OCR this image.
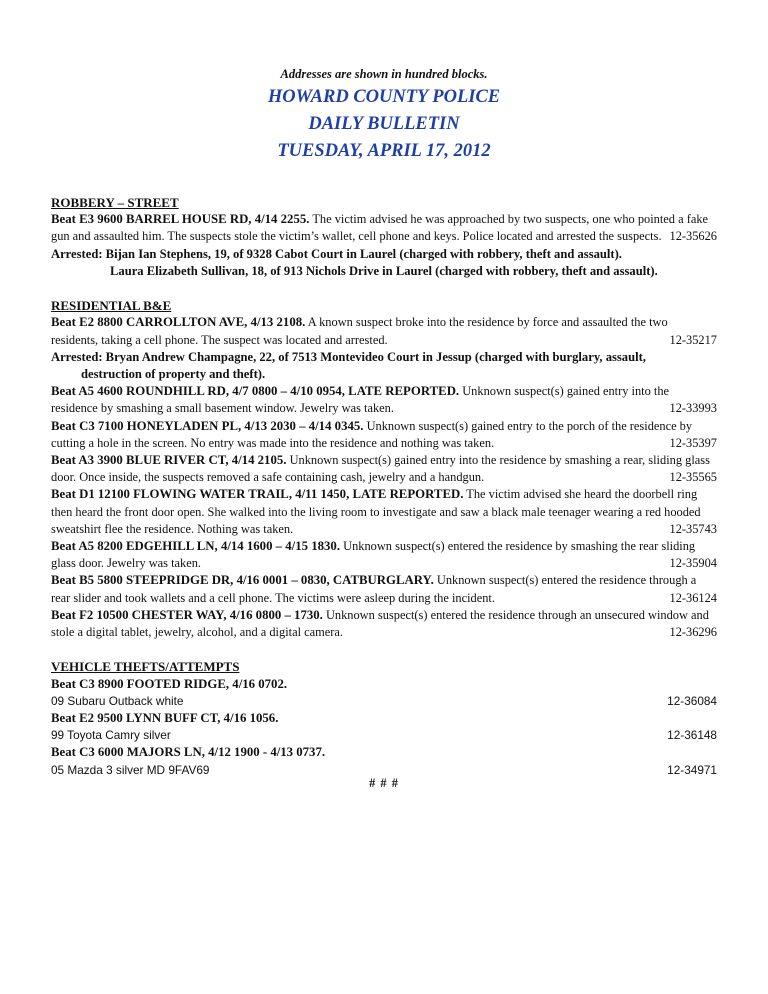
Addresses are shown in hundred blocks.
HOWARD COUNTY POLICE
DAILY BULLETIN
TUESDAY, APRIL 17, 2012
ROBBERY – STREET
Beat E3 9600 BARREL HOUSE RD, 4/14 2255. The victim advised he was approached by two suspects, one who pointed a fake gun and assaulted him. The suspects stole the victim’s wallet, cell phone and keys. Police located and arrested the suspects. 12-35626
Arrested: Bijan Ian Stephens, 19, of 9328 Cabot Court in Laurel (charged with robbery, theft and assault).
Laura Elizabeth Sullivan, 18, of 913 Nichols Drive in Laurel (charged with robbery, theft and assault).
RESIDENTIAL B&E
Beat E2 8800 CARROLLTON AVE, 4/13 2108. A known suspect broke into the residence by force and assaulted the two residents, taking a cell phone. The suspect was located and arrested.	12-35217
Arrested: Bryan Andrew Champagne, 22, of 7513 Montevideo Court in Jessup (charged with burglary, assault,
destruction of property and theft).
Beat A5 4600 ROUNDHILL RD, 4/7 0800 – 4/10 0954, LATE REPORTED. Unknown suspect(s) gained entry into the residence by smashing a small basement window. Jewelry was taken.	12-33993
Beat C3 7100 HONEYLADEN PL, 4/13 2030 – 4/14 0345. Unknown suspect(s) gained entry to the porch of the residence by cutting a hole in the screen. No entry was made into the residence and nothing was taken.	12-35397
Beat A3 3900 BLUE RIVER CT, 4/14 2105. Unknown suspect(s) gained entry into the residence by smashing a rear, sliding glass door. Once inside, the suspects removed a safe containing cash, jewelry and a handgun.	12-35565
Beat D1 12100 FLOWING WATER TRAIL, 4/11 1450, LATE REPORTED. The victim advised she heard the doorbell ring then heard the front door open. She walked into the living room to investigate and saw a black male teenager wearing a red hooded sweatshirt flee the residence. Nothing was taken.	12-35743
Beat A5 8200 EDGEHILL LN, 4/14 1600 – 4/15 1830. Unknown suspect(s) entered the residence by smashing the rear sliding glass door. Jewelry was taken.	12-35904
Beat B5 5800 STEEPRIDGE DR, 4/16 0001 – 0830, CATBURGLARY. Unknown suspect(s) entered the residence through a rear slider and took wallets and a cell phone. The victims were asleep during the incident.	12-36124
Beat F2 10500 CHESTER WAY, 4/16 0800 – 1730. Unknown suspect(s) entered the residence through an unsecured window and stole a digital tablet, jewelry, alcohol, and a digital camera.	12-36296
VEHICLE THEFTS/ATTEMPTS
Beat C3 8900 FOOTED RIDGE, 4/16 0702.
09 Subaru Outback white	12-36084
Beat E2 9500 LYNN BUFF CT, 4/16 1056.
99 Toyota Camry silver	12-36148
Beat C3 6000 MAJORS LN, 4/12 1900 - 4/13 0737.
05 Mazda 3 silver MD 9FAV69	12-34971
# # #
